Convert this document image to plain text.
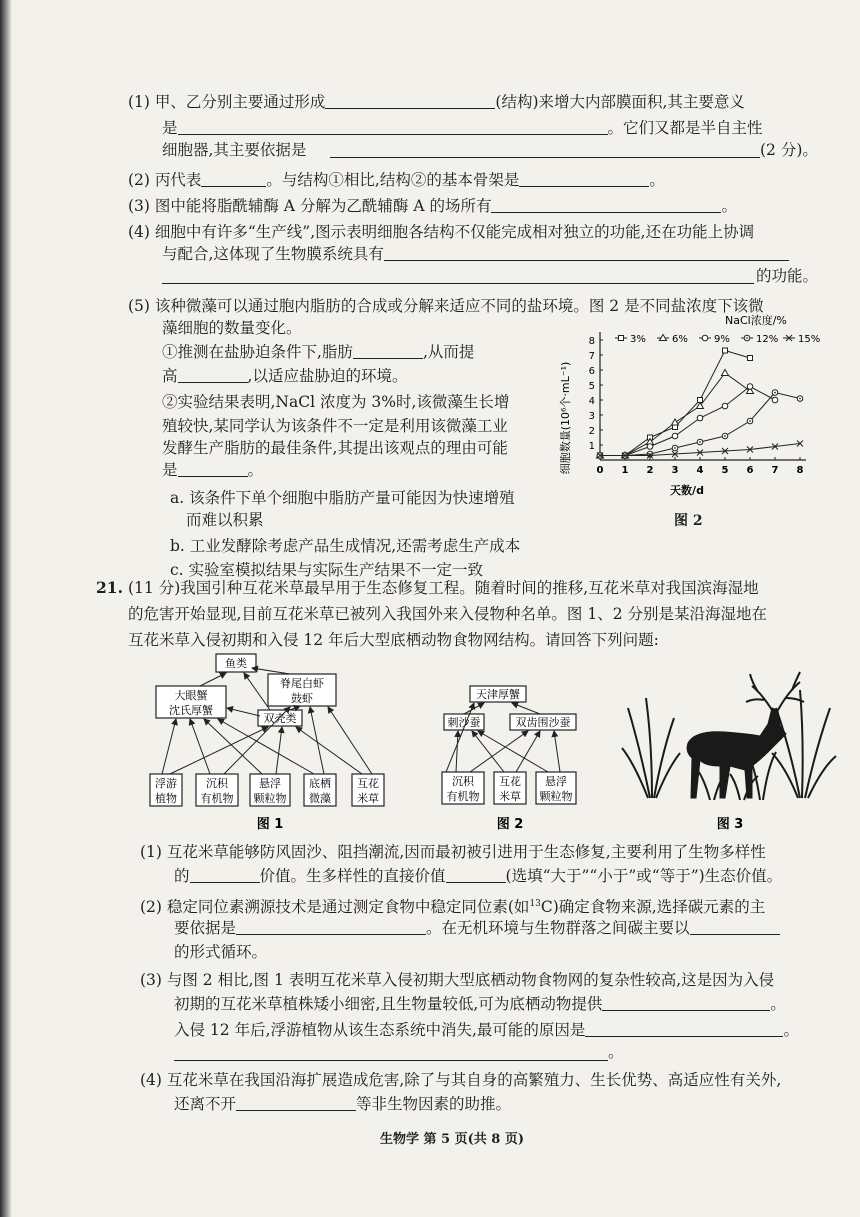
(1) 甲、乙分别主要通过形成	(结构)来增大内部膜面积,其主要意义
是	。它们又都是半自主性
细胞器,其主要依据是	(2 分)。
(2) 丙代表	。与结构①相比,结构②的基本骨架是	。
(3) 图中能将脂酰辅酶 A 分解为乙酰辅酶 A 的场所有	。
(4) 细胞中有许多“生产线”,图示表明细胞各结构不仅能完成相对独立的功能,还在功能上协调
与配合,这体现了生物膜系统具有
的功能。
(5) 该种微藻可以通过胞内脂肪的合成或分解来适应不同的盐环境。图 2 是不同盐浓度下该微
藻细胞的数量变化。
①推测在盐胁迫条件下,脂肪	,从而提
高	,以适应盐胁迫的环境。
②实验结果表明,NaCl 浓度为 3%时,该微藻生长增
殖较快,某同学认为该条件不一定是利用该微藻工业
发酵生产脂肪的最佳条件,其提出该观点的理由可能
是	。
a. 该条件下单个细胞中脂肪产量可能因为快速增殖
而难以积累
b. 工业发酵除考虑产品生成情况,还需考虑生产成本
c. 实验室模拟结果与实际生产结果不一定一致
NaCl浓度/%
3%	6%	9%	12% 15%
0 1 2 3 4 5 6 7 8
1
2
3
4
5
6
7
8
细胞数量(10⁶个·mL⁻¹)
天数/d
图 2
21. (11 分)我国引种互花米草最早用于生态修复工程。随着时间的推移,互花米草对我国滨海湿地
的危害开始显现,目前互花米草已被列入我国外来入侵物种名单。图 1、2 分别是某沿海湿地在
互花米草入侵初期和入侵 12 年后大型底栖动物食物网结构。请回答下列问题:
鱼类
脊尾白虾
鼓虾
大眼蟹
沈氏厚蟹
双壳类
浮游
植物
沉积
有机物
悬浮
颗粒物
底栖
微藻
互花
米草
图 1
天津厚蟹
刺沙蚕	双齿围沙蚕
沉积
有机物
互花
米草
悬浮
颗粒物
图 2	图 3
(1) 互花米草能够防风固沙、阻挡潮流,因而最初被引进用于生态修复,主要利用了生物多样性
的	价值。生多样性的直接价值	(选填“大于”“小于”或“等于”)生态价值。
(2) 稳定同位素溯源技术是通过测定食物中稳定同位素(如$^{13}$C)确定食物来源,选择碳元素的主
要依据是	。在无机环境与生物群落之间碳主要以
的形式循环。
(3) 与图 2 相比,图 1 表明互花米草入侵初期大型底栖动物食物网的复杂性较高,这是因为入侵
初期的互花米草植株矮小细密,且生物量较低,可为底栖动物提供	。
入侵 12 年后,浮游植物从该生态系统中消失,最可能的原因是	。
。
(4) 互花米草在我国沿海扩展造成危害,除了与其自身的高繁殖力、生长优势、高适应性有关外,
还离不开	等非生物因素的助推。
生物学 第 5 页(共 8 页)
